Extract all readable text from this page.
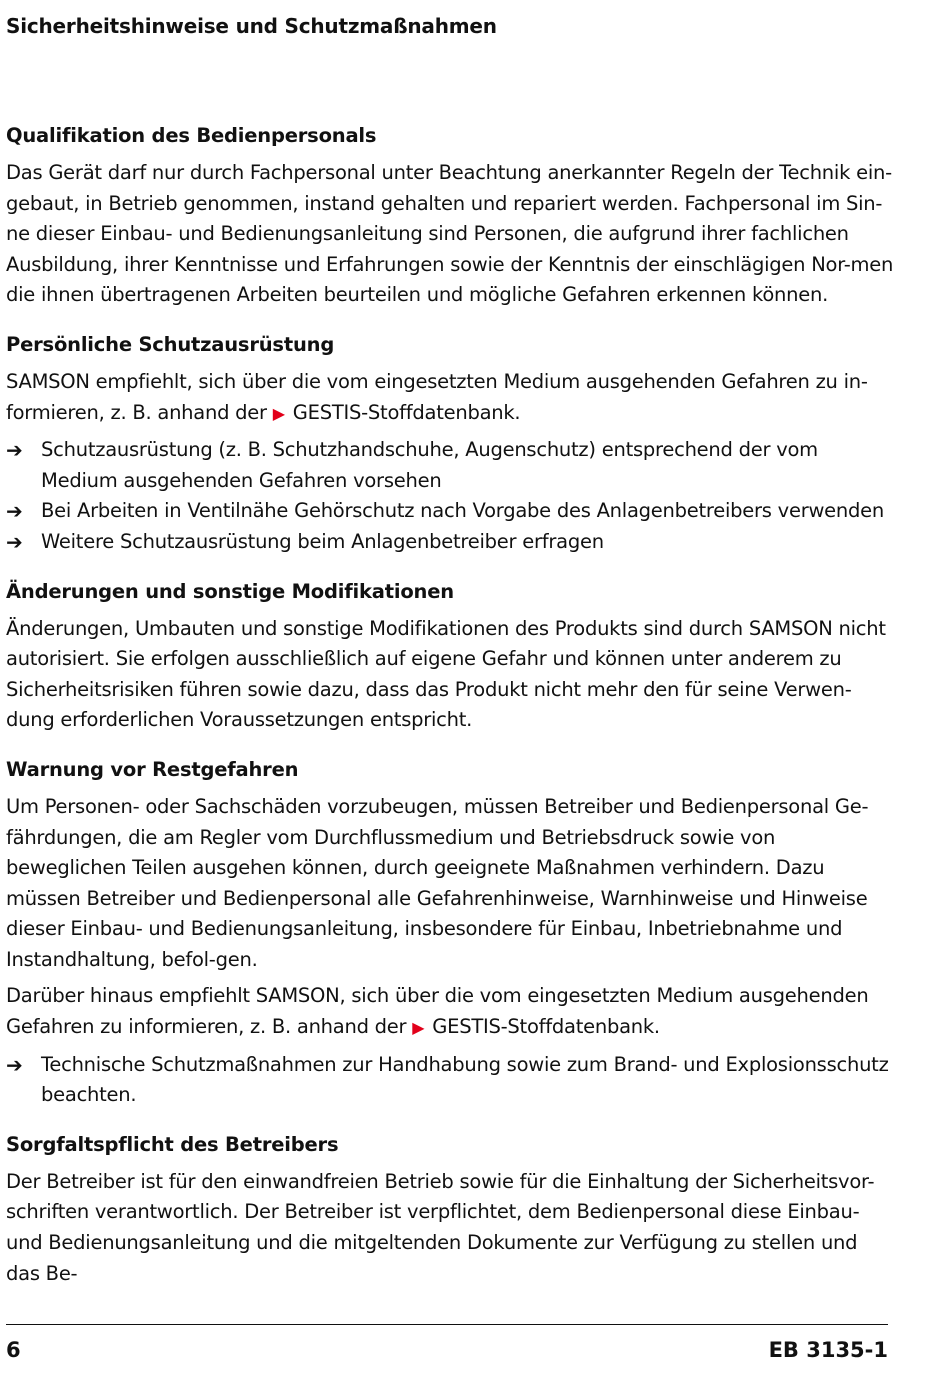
Sicherheitshinweise und Schutzmaßnahmen
Qualifikation des Bedienpersonals

Das Gerät darf nur durch Fachpersonal unter Beachtung anerkannter Regeln der Technik ein-gebaut, in Betrieb genommen, instand gehalten und repariert werden. Fachpersonal im Sin-ne dieser Einbau- und Bedienungsanleitung sind Personen, die aufgrund ihrer fachlichen Ausbildung, ihrer Kenntnisse und Erfahrungen sowie der Kenntnis der einschlägigen Nor-men die ihnen übertragenen Arbeiten beurteilen und mögliche Gefahren erkennen können.

Persönliche Schutzausrüstung

SAMSON empfiehlt, sich über die vom eingesetzten Medium ausgehenden Gefahren zu in-formieren, z. B. anhand der ▶ GESTIS-Stoffdatenbank.

➔ Schutzausrüstung (z. B. Schutzhandschuhe, Augenschutz) entsprechend der vom Medium ausgehenden Gefahren vorsehen
➔ Bei Arbeiten in Ventilnähe Gehörschutz nach Vorgabe des Anlagenbetreibers verwenden
➔ Weitere Schutzausrüstung beim Anlagenbetreiber erfragen
Änderungen und sonstige Modifikationen

Änderungen, Umbauten und sonstige Modifikationen des Produkts sind durch SAMSON nicht autorisiert. Sie erfolgen ausschließlich auf eigene Gefahr und können unter anderem zu Sicherheitsrisiken führen sowie dazu, dass das Produkt nicht mehr den für seine Verwen-dung erforderlichen Voraussetzungen entspricht.

Warnung vor Restgefahren

Um Personen- oder Sachschäden vorzubeugen, müssen Betreiber und Bedienpersonal Ge-fährdungen, die am Regler vom Durchflussmedium und Betriebsdruck sowie von beweglichen Teilen ausgehen können, durch geeignete Maßnahmen verhindern. Dazu müssen Betreiber und Bedienpersonal alle Gefahrenhinweise, Warnhinweise und Hinweise dieser Einbau- und Bedienungsanleitung, insbesondere für Einbau, Inbetriebnahme und Instandhaltung, befol-gen.

Darüber hinaus empfiehlt SAMSON, sich über die vom eingesetzten Medium ausgehenden Gefahren zu informieren, z. B. anhand der ▶ GESTIS-Stoffdatenbank.

➔ Technische Schutzmaßnahmen zur Handhabung sowie zum Brand- und Explosionsschutz beachten.
Sorgfaltspflicht des Betreibers

Der Betreiber ist für den einwandfreien Betrieb sowie für die Einhaltung der Sicherheitsvor-schriften verantwortlich. Der Betreiber ist verpflichtet, dem Bedienpersonal diese Einbau- und Bedienungsanleitung und die mitgeltenden Dokumente zur Verfügung zu stellen und das Be-

6	EB 3135-1
